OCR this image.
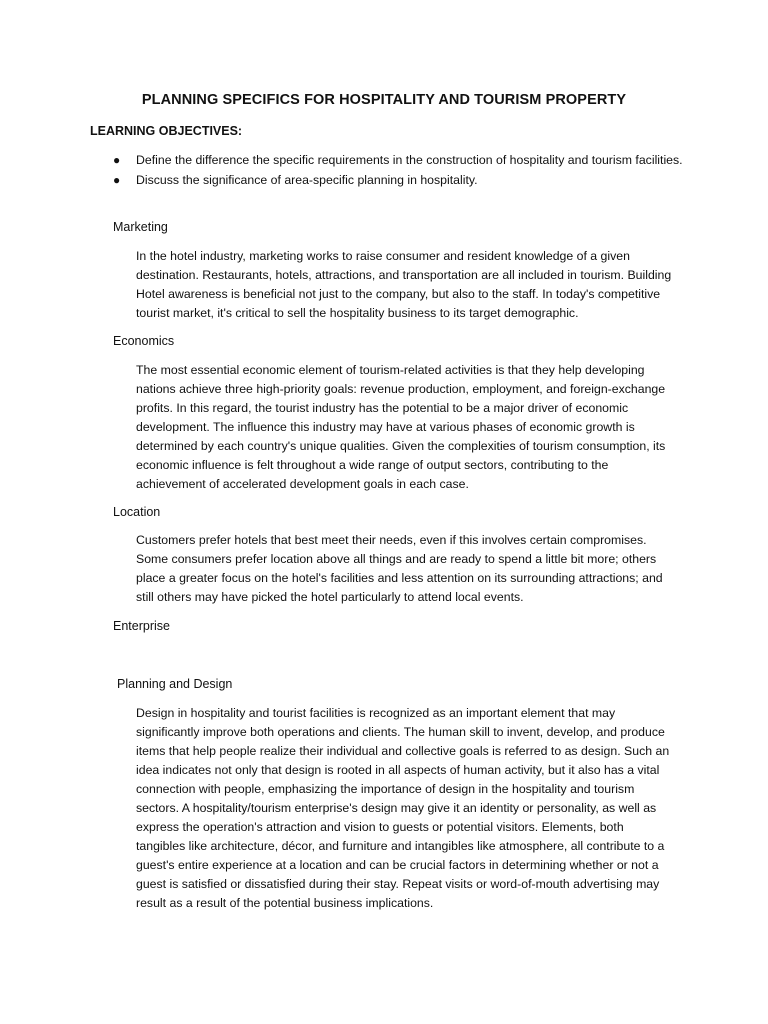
PLANNING SPECIFICS FOR HOSPITALITY AND TOURISM PROPERTY
LEARNING OBJECTIVES:
● Define the difference the specific requirements in the construction of hospitality and tourism facilities.
● Discuss the significance of area-specific planning in hospitality.
Marketing

In the hotel industry, marketing works to raise consumer and resident knowledge of a given destination. Restaurants, hotels, attractions, and transportation are all included in tourism. Building Hotel awareness is beneficial not just to the company, but also to the staff. In today's competitive tourist market, it's critical to sell the hospitality business to its target demographic.

Economics

The most essential economic element of tourism-related activities is that they help developing nations achieve three high-priority goals: revenue production, employment, and foreign-exchange profits. In this regard, the tourist industry has the potential to be a major driver of economic development. The influence this industry may have at various phases of economic growth is determined by each country's unique qualities. Given the complexities of tourism consumption, its economic influence is felt throughout a wide range of output sectors, contributing to the achievement of accelerated development goals in each case.

Location

Customers prefer hotels that best meet their needs, even if this involves certain compromises. Some consumers prefer location above all things and are ready to spend a little bit more; others place a greater focus on the hotel's facilities and less attention on its surrounding attractions; and still others may have picked the hotel particularly to attend local events.

Enterprise
Planning and Design

Design in hospitality and tourist facilities is recognized as an important element that may significantly improve both operations and clients. The human skill to invent, develop, and produce items that help people realize their individual and collective goals is referred to as design. Such an idea indicates not only that design is rooted in all aspects of human activity, but it also has a vital connection with people, emphasizing the importance of design in the hospitality and tourism sectors. A hospitality/tourism enterprise's design may give it an identity or personality, as well as express the operation's attraction and vision to guests or potential visitors. Elements, both tangibles like architecture, décor, and furniture and intangibles like atmosphere, all contribute to a guest's entire experience at a location and can be crucial factors in determining whether or not a guest is satisfied or dissatisfied during their stay. Repeat visits or word-of-mouth advertising may result as a result of the potential business implications.
